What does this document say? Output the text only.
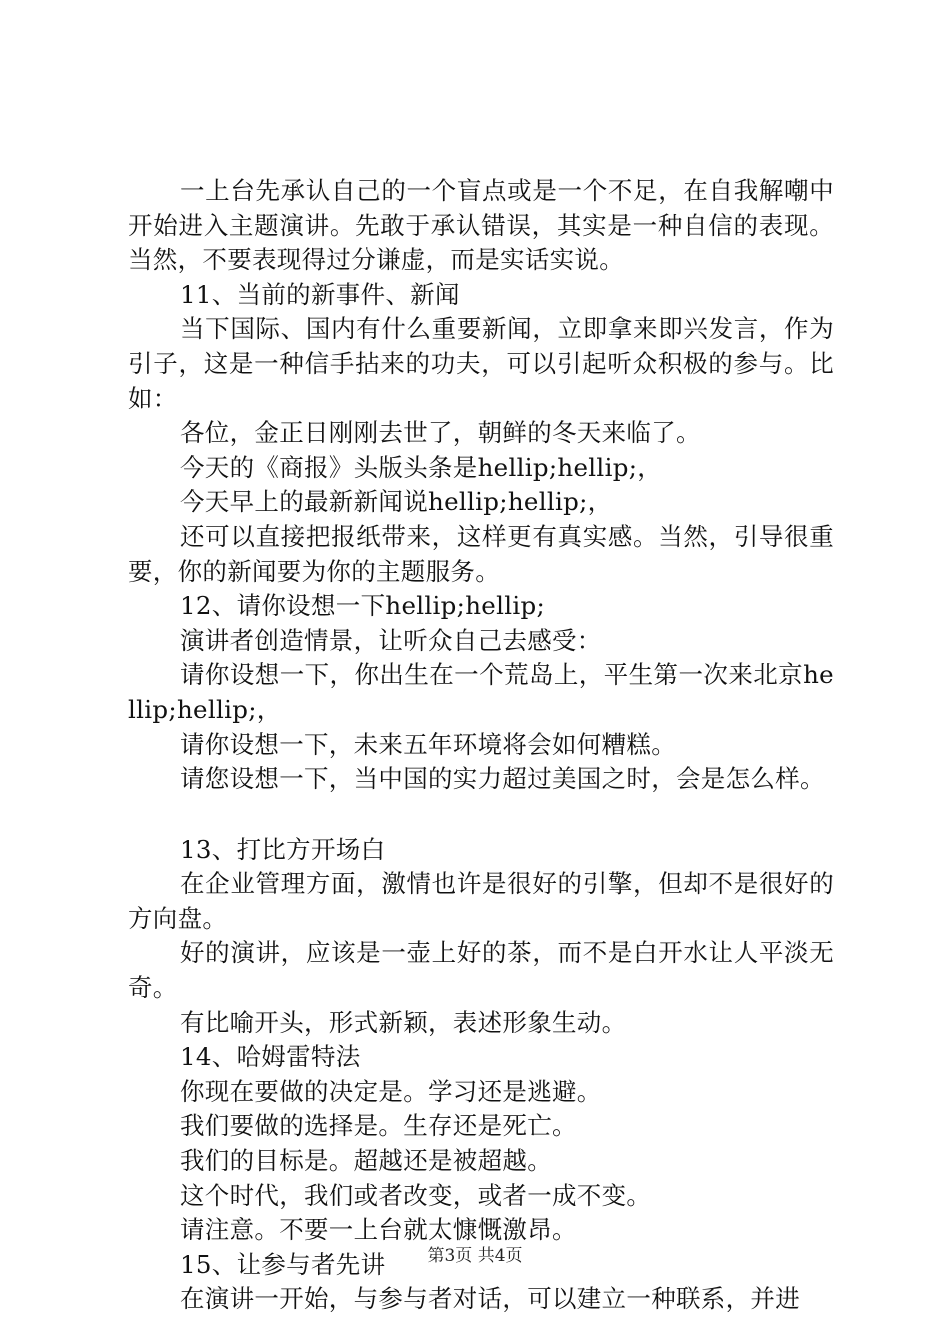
一上台先承认自己的一个盲点或是一个不足，在自我解嘲中开始进入主题演讲。先敢于承认错误，其实是一种自信的表现。当然，不要表现得过分谦虚，而是实话实说。

11、当前的新事件、新闻

当下国际、国内有什么重要新闻，立即拿来即兴发言，作为引子，这是一种信手拈来的功夫，可以引起听众积极的参与。比如：

各位，金正日刚刚去世了，朝鲜的冬天来临了。

今天的《商报》头版头条是hellip;hellip;，

今天早上的最新新闻说hellip;hellip;，

还可以直接把报纸带来，这样更有真实感。当然，引导很重要，你的新闻要为你的主题服务。

12、请你设想一下hellip;hellip;

演讲者创造情景，让听众自己去感受：

请你设想一下，你出生在一个荒岛上，平生第一次来北京hellip;hellip;，

请你设想一下，未来五年环境将会如何糟糕。

请您设想一下，当中国的实力超过美国之时，会是怎么样。

13、打比方开场白

在企业管理方面，激情也许是很好的引擎，但却不是很好的方向盘。

好的演讲，应该是一壶上好的茶，而不是白开水让人平淡无奇。

有比喻开头，形式新颖，表述形象生动。

14、哈姆雷特法

你现在要做的决定是。学习还是逃避。

我们要做的选择是。生存还是死亡。

我们的目标是。超越还是被超越。

这个时代，我们或者改变，或者一成不变。

请注意。不要一上台就太慷慨激昂。

15、让参与者先讲

在演讲一开始，与参与者对话，可以建立一种联系，并进

第3页 共4页
